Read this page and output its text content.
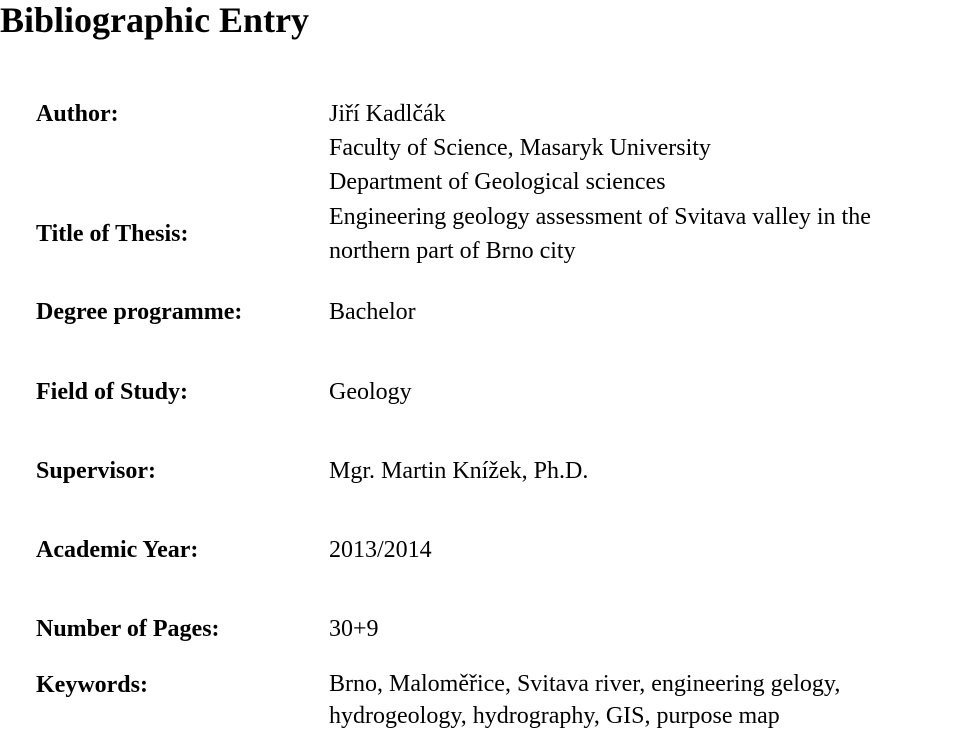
Bibliographic Entry
Author:	Jiří Kadlčák
Faculty of Science, Masaryk University
Department of Geological sciences
Title of Thesis:
Engineering geology assessment of Svitava valley in the
northern part of Brno city
Degree programme:	Bachelor
Field of Study:	Geology
Supervisor:	Mgr. Martin Knížek, Ph.D.
Academic Year:	2013/2014
Number of Pages:	30+9
Keywords:	Brno, Maloměřice, Svitava river, engineering gelogy,
hydrogeology, hydrography, GIS, purpose map
